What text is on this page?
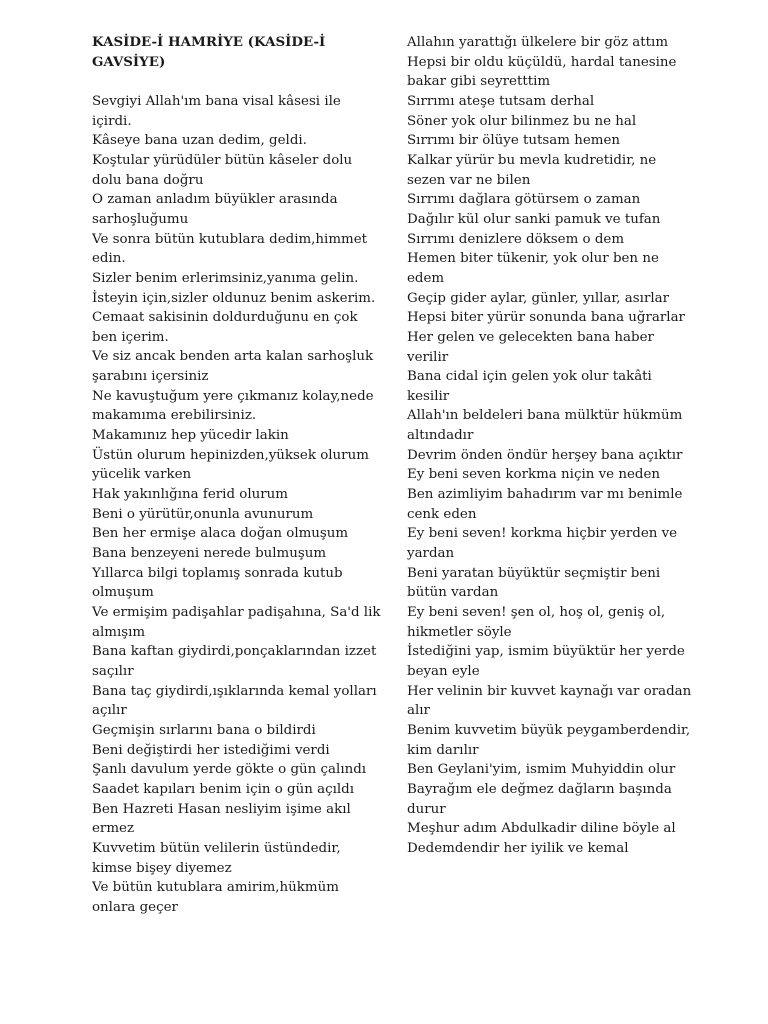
KASİDE-İ HAMRİYE (KASİDE-İ GAVSİYE)

Sevgiyi Allah'ım bana visal kâsesi ile içirdi.

Kâseye bana uzan dedim, geldi.

Koştular yürüdüler bütün kâseler dolu dolu bana doğru

O zaman anladım büyükler arasında sarhoşluğumu

Ve sonra bütün kutublara dedim,himmet edin.

Sizler benim erlerimsiniz,yanıma gelin.

İsteyin için,sizler oldunuz benim askerim.

Cemaat sakisinin doldurduğunu en çok ben içerim.

Ve siz ancak benden arta kalan sarhoşluk şarabını içersiniz

Ne kavuştuğum yere çıkmanız kolay,nede makamıma erebilirsiniz.

Makamınız hep yücedir lakin

Üstün olurum hepinizden,yüksek olurum yücelik varken

Hak yakınlığına ferid olurum

Beni o yürütür,onunla avunurum

Ben her ermişe alaca doğan olmuşum

Bana benzeyeni nerede bulmuşum

Yıllarca bilgi toplamış sonrada kutub olmuşum

Ve ermişim padişahlar padişahına, Sa'd lik almışım

Bana kaftan giydirdi,ponçaklarından izzet saçılır

Bana taç giydirdi,ışıklarında kemal yolları açılır

Geçmişin sırlarını bana o bildirdi

Beni değiştirdi her istediğimi verdi

Şanlı davulum yerde gökte o gün çalındı

Saadet kapıları benim için o gün açıldı

Ben Hazreti Hasan nesliyim işime akıl ermez

Kuvvetim bütün velilerin üstündedir, kimse bişey diyemez

Ve bütün kutublara amirim,hükmüm onlara geçer

Allahın yarattığı ülkelere bir göz attım

Hepsi bir oldu küçüldü, hardal tanesine bakar gibi seyretttim

Sırrımı ateşe tutsam derhal

Söner yok olur bilinmez bu ne hal

Sırrımı bir ölüye tutsam hemen

Kalkar yürür bu mevla kudretidir, ne sezen var ne bilen

Sırrımı dağlara götürsem o zaman

Dağılır kül olur sanki pamuk ve tufan

Sırrımı denizlere döksem o dem

Hemen biter tükenir, yok olur ben ne edem

Geçip gider aylar, günler, yıllar, asırlar

Hepsi biter yürür sonunda bana uğrarlar

Her gelen ve gelecekten bana haber verilir

Bana cidal için gelen yok olur takâti kesilir

Allah'ın beldeleri bana mülktür hükmüm altındadır

Devrim önden öndür herşey bana açıktır

Ey beni seven korkma niçin ve neden

Ben azimliyim bahadırım var mı benimle cenk eden

Ey beni seven! korkma hiçbir yerden ve yardan

Beni yaratan büyüktür seçmiştir beni bütün vardan

Ey beni seven! şen ol, hoş ol, geniş ol, hikmetler söyle

İstediğini yap, ismim büyüktür her yerde beyan eyle

Her velinin bir kuvvet kaynağı var oradan alır

Benim kuvvetim büyük peygamberdendir, kim darılır

Ben Geylani'yim, ismim Muhyiddin olur

Bayrağım ele değmez dağların başında durur

Meşhur adım Abdulkadir diline böyle al

Dedemdendir her iyilik ve kemal
